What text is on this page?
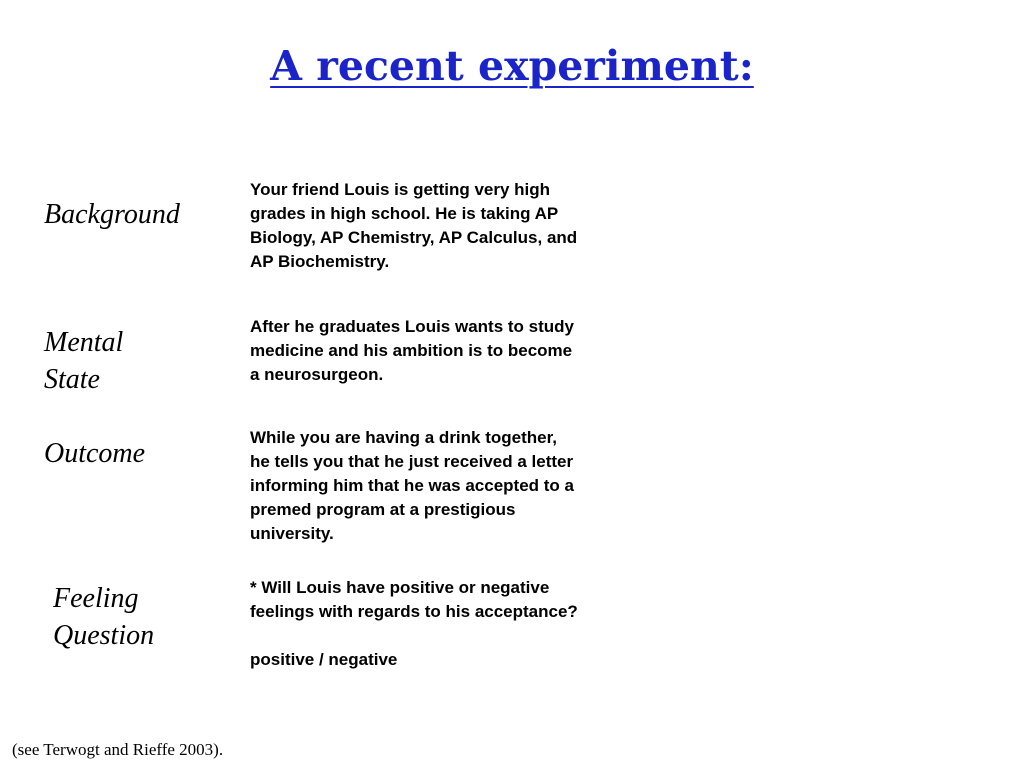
A recent experiment:
Background

Your friend Louis is getting very high grades in high school. He is taking AP Biology, AP Chemistry, AP Calculus, and AP Biochemistry.

Mental
State

After he graduates Louis wants to study medicine and his ambition is to become a neurosurgeon.

Outcome

While you are having a drink together, he tells you that he just received a letter informing him that he was accepted to a premed program at a prestigious university.

Feeling
Question
* Will Louis have positive or negative feelings with regards to his acceptance?
positive / negative

(see Terwogt and Rieffe 2003).
